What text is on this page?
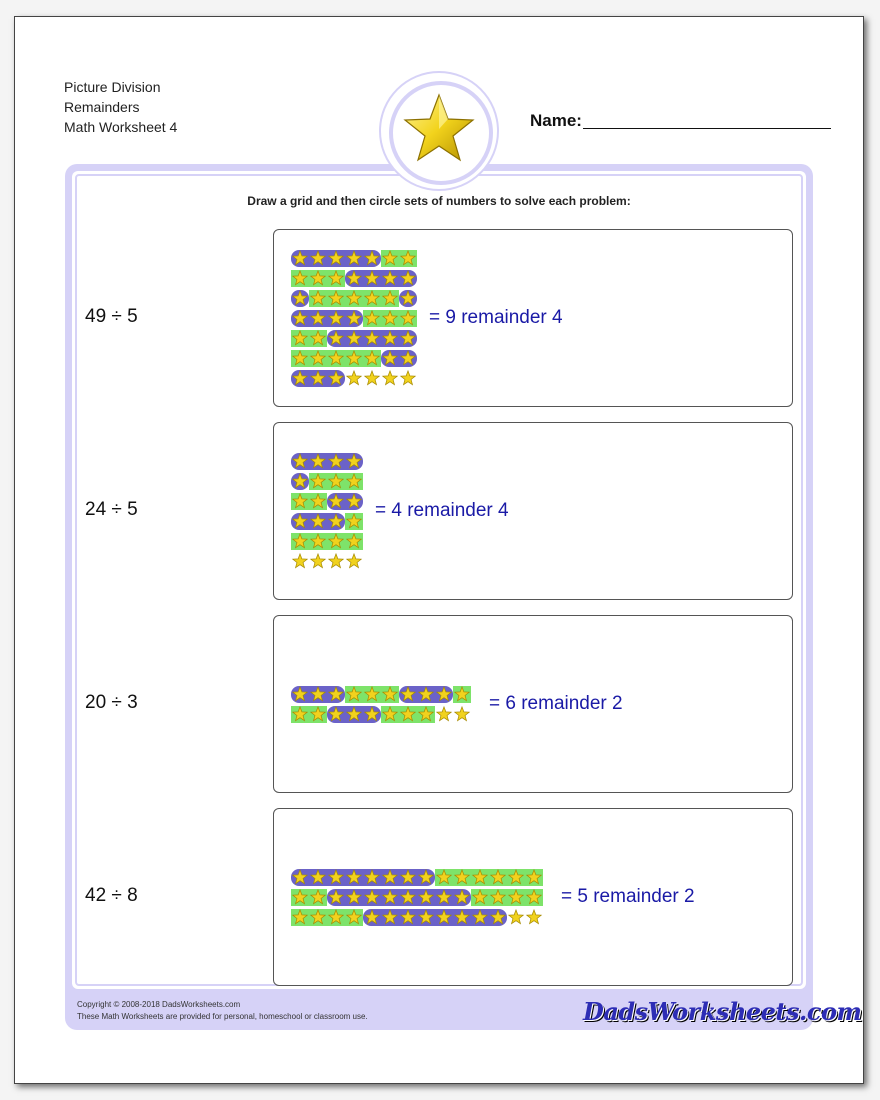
Picture Division
Remainders
Math Worksheet 4	Name:
Draw a grid and then circle sets of numbers to solve each problem:
49 ÷ 5	= 9 remainder 4
24 ÷ 5	= 4 remainder 4
20 ÷ 3	= 6 remainder 2
42 ÷ 8	= 5 remainder 2
Copyright © 2008-2018 DadsWorksheets.com
These Math Worksheets are provided for personal, homeschool or classroom use.	DadsWorksheets.com
